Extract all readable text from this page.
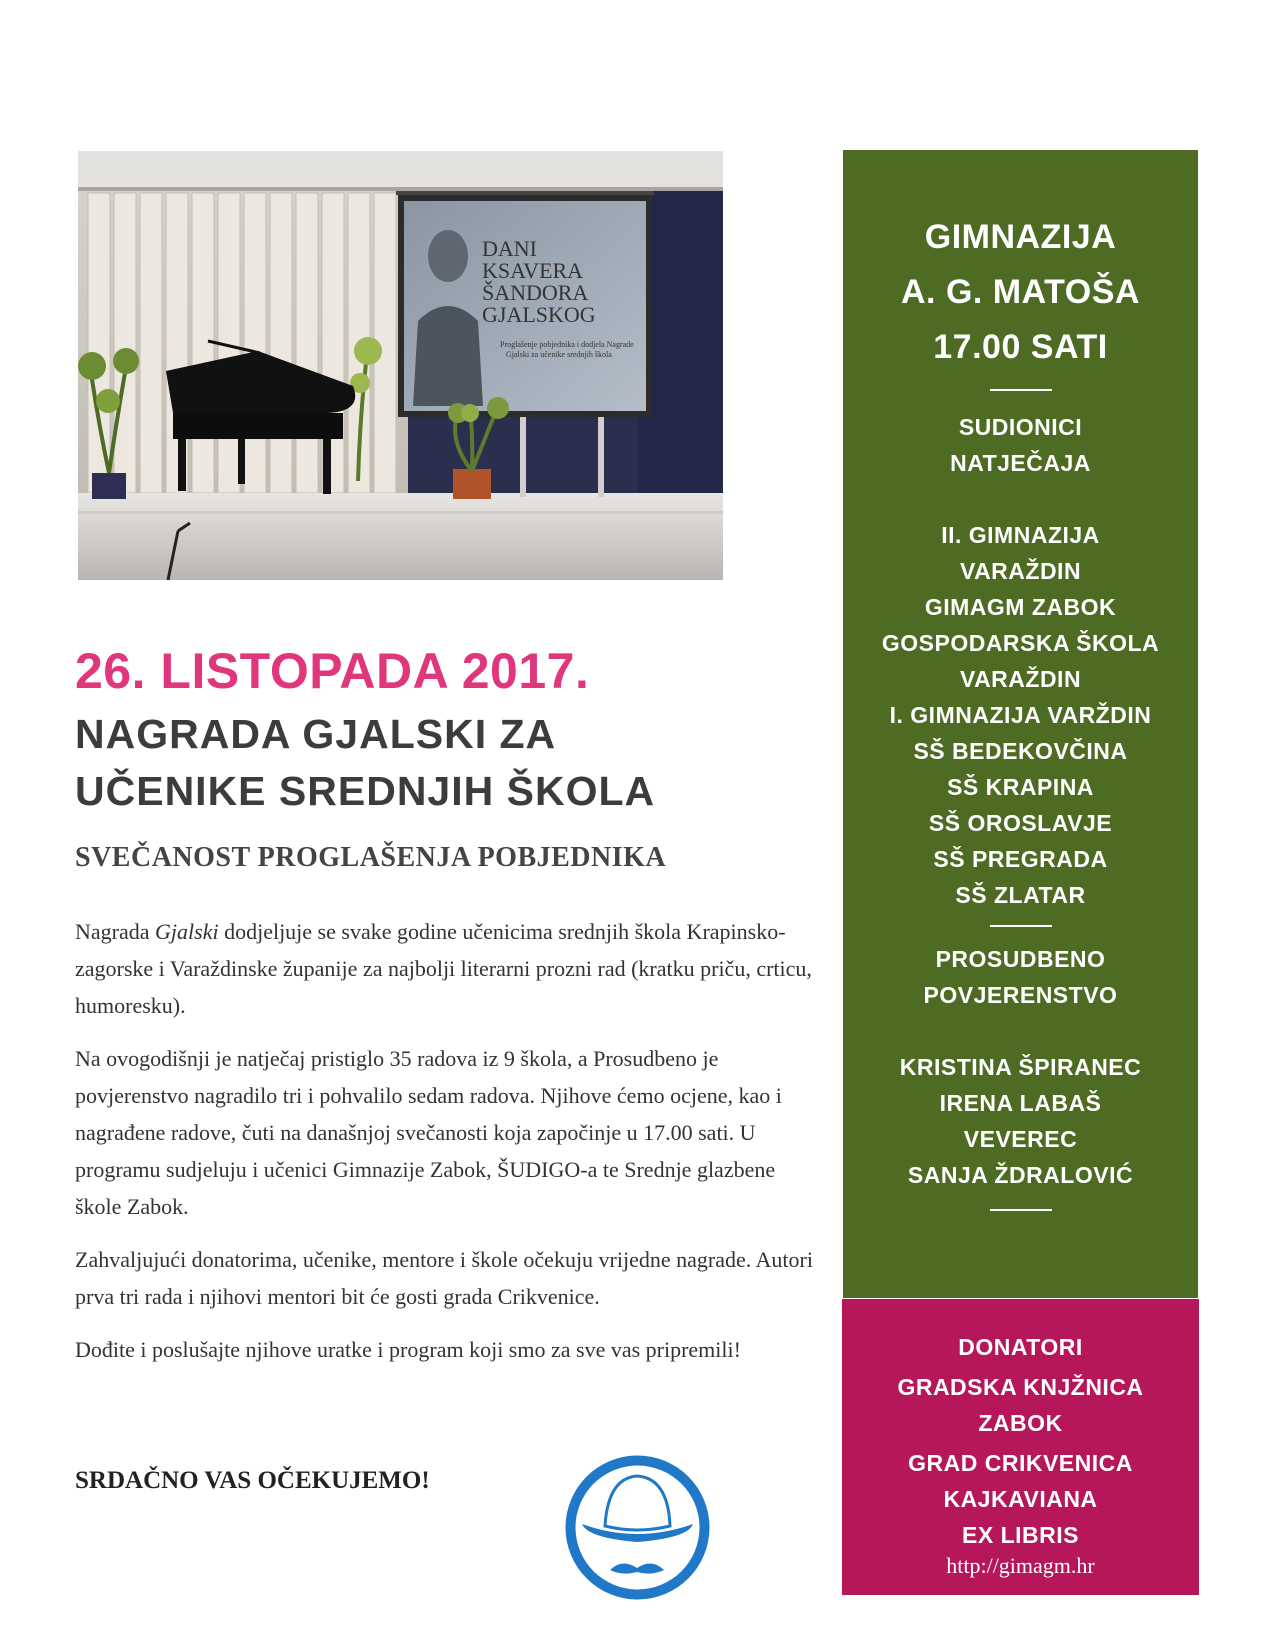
DANI
KSAVERA
ŠANDORA
GJALSKOG
Proglašenje pobjednika i dodjela Nagrade
Gjalski za učenike srednjih škola
26. LISTOPADA 2017.
NAGRADA GJALSKI ZA
UČENIKE SREDNJIH ŠKOLA
SVEČANOST PROGLAŠENJA POBJEDNIKA

Nagrada Gjalski dodjeljuje se svake godine učenicima srednjih škola Krapinsko-zagorske i Varaždinske županije za najbolji literarni prozni rad (kratku priču, crticu, humoresku).

Na ovogodišnji je natječaj pristiglo 35 radova iz 9 škola, a Prosudbeno je povjerenstvo nagradilo tri i pohvalilo sedam radova. Njihove ćemo ocjene, kao i nagrađene radove, čuti na današnjoj svečanosti koja započinje u 17.00 sati. U programu sudjeluju i učenici Gimnazije Zabok, ŠUDIGO-a te Srednje glazbene škole Zabok.

Zahvaljujući donatorima, učenike, mentore i škole očekuju vrijedne nagrade. Autori prva tri rada i njihovi mentori bit će gosti grada Crikvenice.

Dođite i poslušajte njihove uratke i program koji smo za sve vas pripremili!

SRDAČNO VAS OČEKUJEMO!
GIMNAZIJA
A. G. MATOŠA
17.00 SATI
SUDIONICI
NATJEČAJA
II. GIMNAZIJA
VARAŽDIN
GIMAGM ZABOK
GOSPODARSKA ŠKOLA
VARAŽDIN
I. GIMNAZIJA VARŽDIN
SŠ BEDEKOVČINA
SŠ KRAPINA
SŠ OROSLAVJE
SŠ PREGRADA
SŠ ZLATAR
PROSUDBENO
POVJERENSTVO
KRISTINA ŠPIRANEC
IRENA LABAŠ
VEVEREC
SANJA ŽDRALOVIĆ
DONATORI
GRADSKA KNJŽNICA
ZABOK
GRAD CRIKVENICA
KAJKAVIANA
EX LIBRIS
http://gimagm.hr
